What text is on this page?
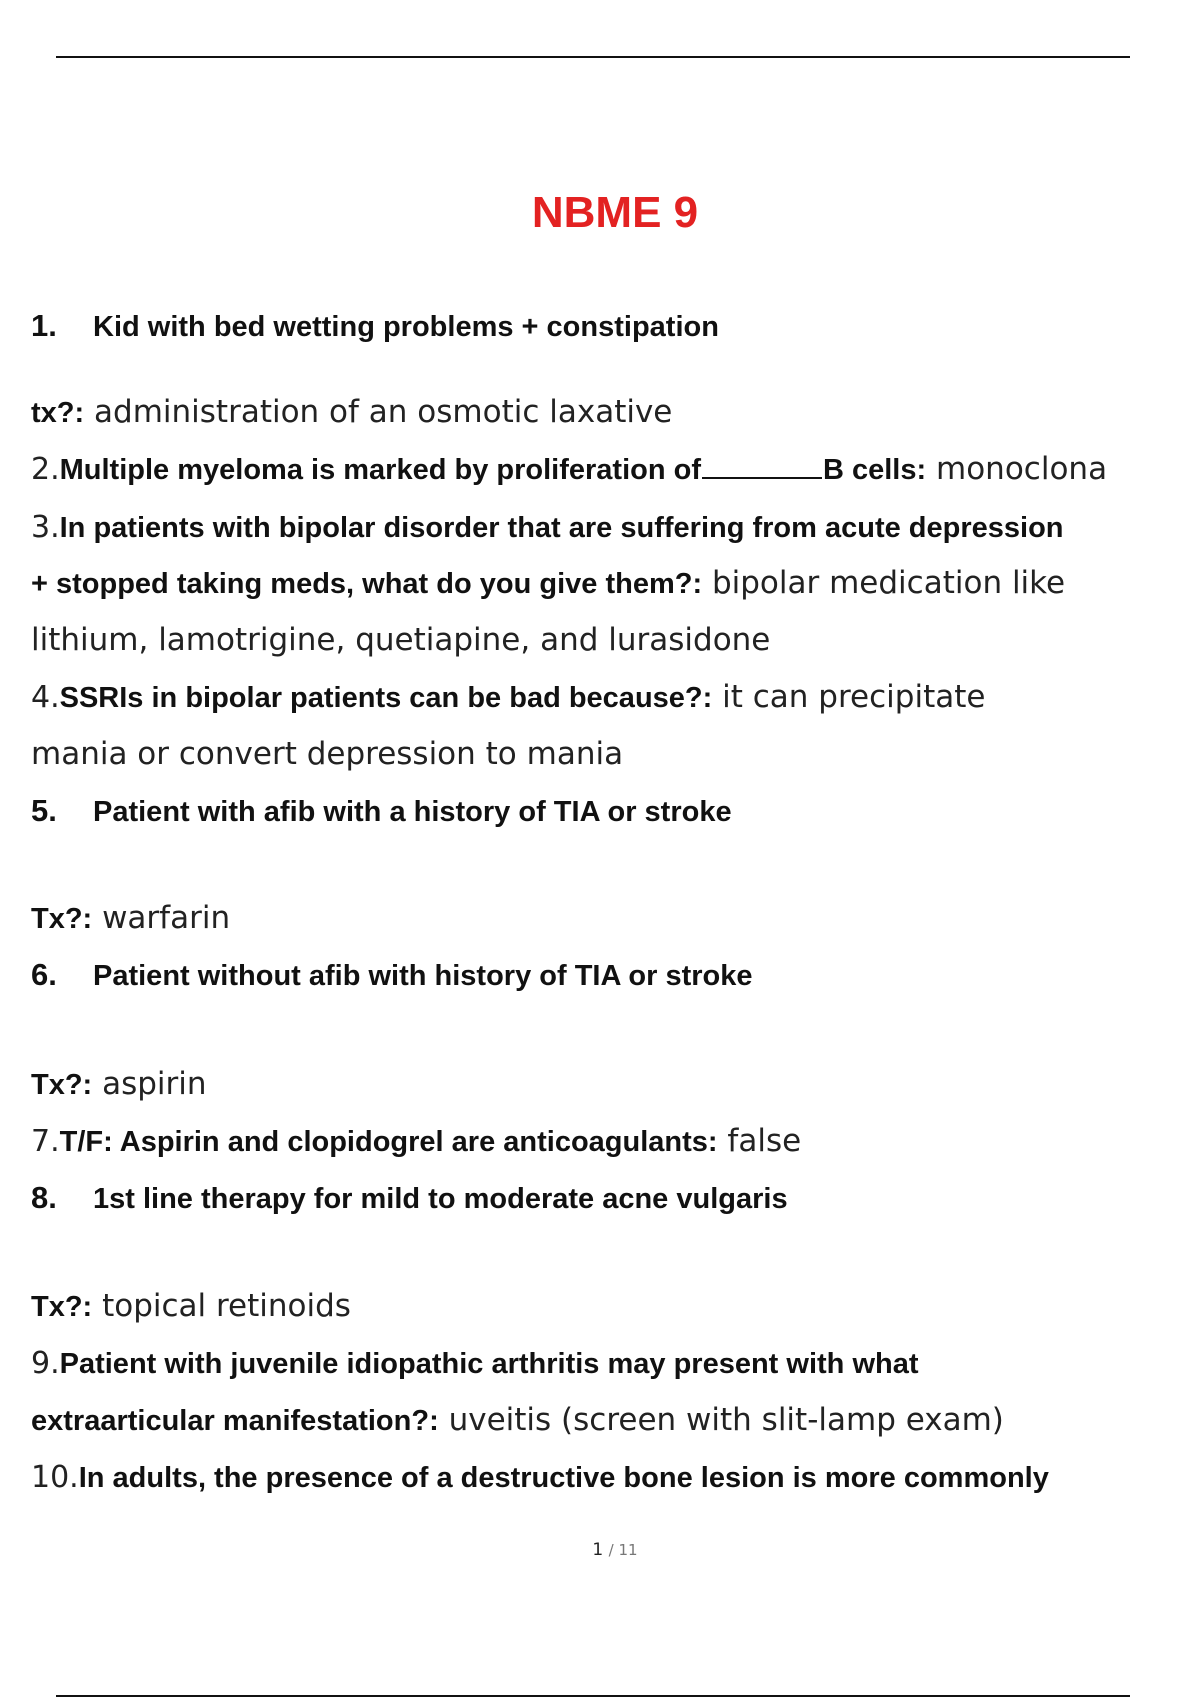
NBME 9
1. Kid with bed wetting problems + constipation
tx?: administration of an osmotic laxative
2.Multiple myeloma is marked by proliferation of	B cells: monoclona
3.In patients with bipolar disorder that are suffering from acute depression
+ stopped taking meds, what do you give them?: bipolar medication like
lithium, lamotrigine, quetiapine, and lurasidone
4.SSRIs in bipolar patients can be bad because?: it can precipitate
mania or convert depression to mania
5. Patient with afib with a history of TIA or stroke
Tx?: warfarin
6. Patient without afib with history of TIA or stroke
Tx?: aspirin
7.T/F: Aspirin and clopidogrel are anticoagulants: false
8. 1st line therapy for mild to moderate acne vulgaris
Tx?: topical retinoids
9.Patient with juvenile idiopathic arthritis may present with what
extraarticular manifestation?: uveitis (screen with slit-lamp exam)
10.In adults, the presence of a destructive bone lesion is more commonly
1 / 11
